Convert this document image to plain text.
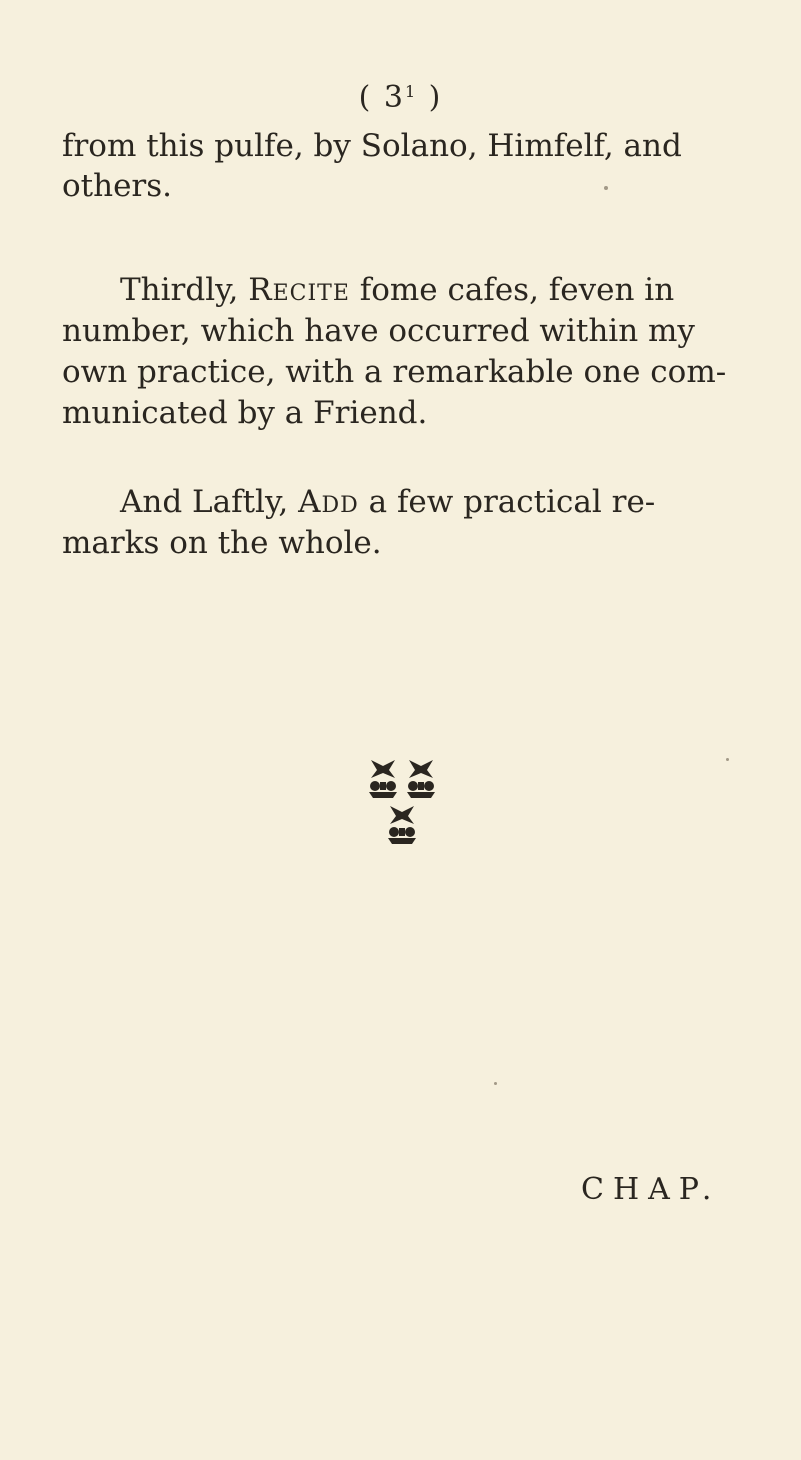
( $3^1$ )
from this pulfe, by Solano, Himfelf, and
others.
Thirdly, Recite fome cafes, feven in
number, which have occurred within my
own practice, with a remarkable one com-
municated by a Friend.
And Laftly, Add a few practical re-
marks on the whole.
CHAP.
